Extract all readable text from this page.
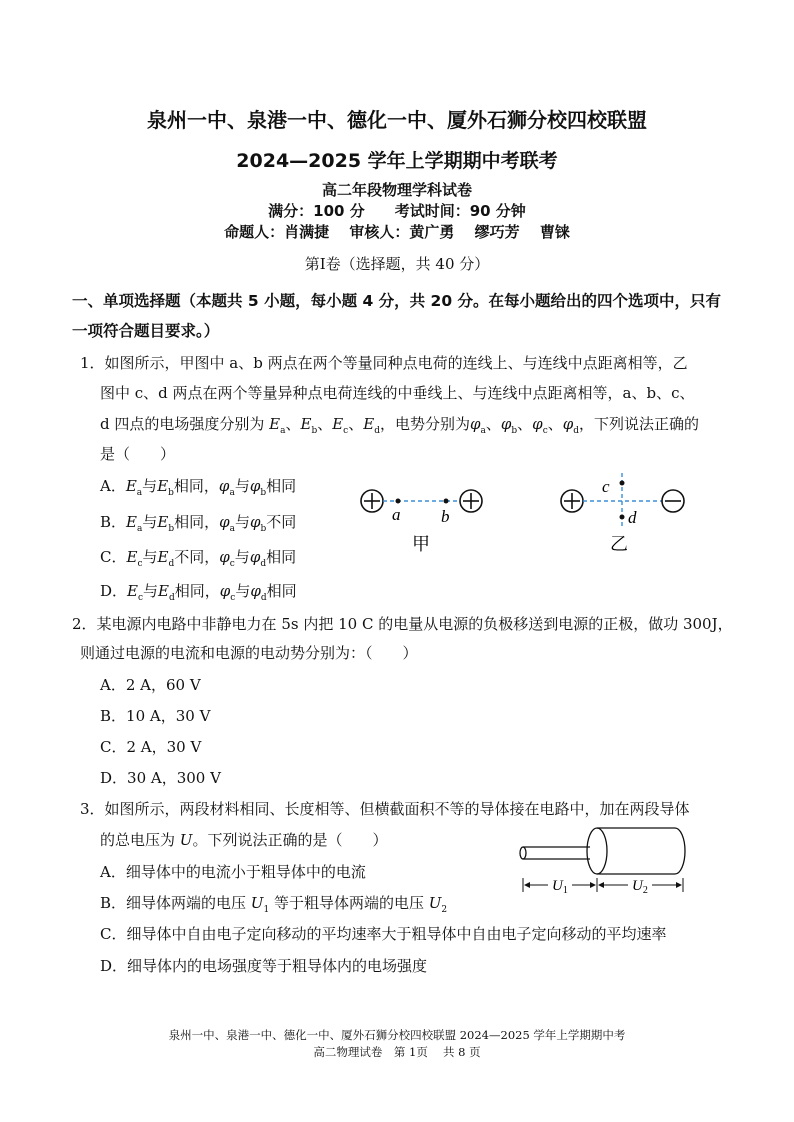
泉州一中、泉港一中、德化一中、厦外石狮分校四校联盟
2024—2025 学年上学期期中考联考
高二年段物理学科试卷
满分：100 分　　考试时间：90 分钟
命题人：肖满捷　 审核人：黄广勇　 缪巧芳　 曹铼
第Ⅰ卷（选择题，共 40 分）
一、单项选择题（本题共 5 小题，每小题 4 分，共 20 分。在每小题给出的四个选项中，只有
一项符合题目要求。）
1．如图所示，甲图中 a、b 两点在两个等量同种点电荷的连线上、与连线中点距离相等，乙
图中 c、d 两点在两个等量异种点电荷连线的中垂线上、与连线中点距离相等，a、b、c、
d 四点的电场强度分别为 $E_a$、$E_b$、$E_c$、$E_d$，电势分别为$\varphi_a$、$\varphi_b$、$\varphi_c$、$\varphi_d$，下列说法正确的
是（　　）
A．$E_a$与$E_b$相同，$\varphi_a$与$\varphi_b$相同
B．$E_a$与$E_b$相同，$\varphi_a$与$\varphi_b$不同
C．$E_c$与$E_d$不同，$\varphi_c$与$\varphi_d$相同
D．$E_c$与$E_d$相同，$\varphi_c$与$\varphi_d$相同
a b
甲
c
d
乙
2．某电源内电路中非静电力在 5s 内把 10 C 的电量从电源的负极移送到电源的正极，做功 300J，
则通过电源的电流和电源的电动势分别为：（　　）
A．2 A，60 V
B．10 A，30 V
C．2 A，30 V
D．30 A，300 V
3．如图所示，两段材料相同、长度相等、但横截面积不等的导体接在电路中，加在两段导体
的总电压为 U。下列说法正确的是（　　）
A．细导体中的电流小于粗导体中的电流
B．细导体两端的电压 $U_1$ 等于粗导体两端的电压 $U_2$
C．细导体中自由电子定向移动的平均速率大于粗导体中自由电子定向移动的平均速率
D．细导体内的电场强度等于粗导体内的电场强度
$U_1$	$U_2$
泉州一中、泉港一中、德化一中、厦外石狮分校四校联盟 2024—2025 学年上学期期中考
高二物理试卷　第 1页　 共 8 页
